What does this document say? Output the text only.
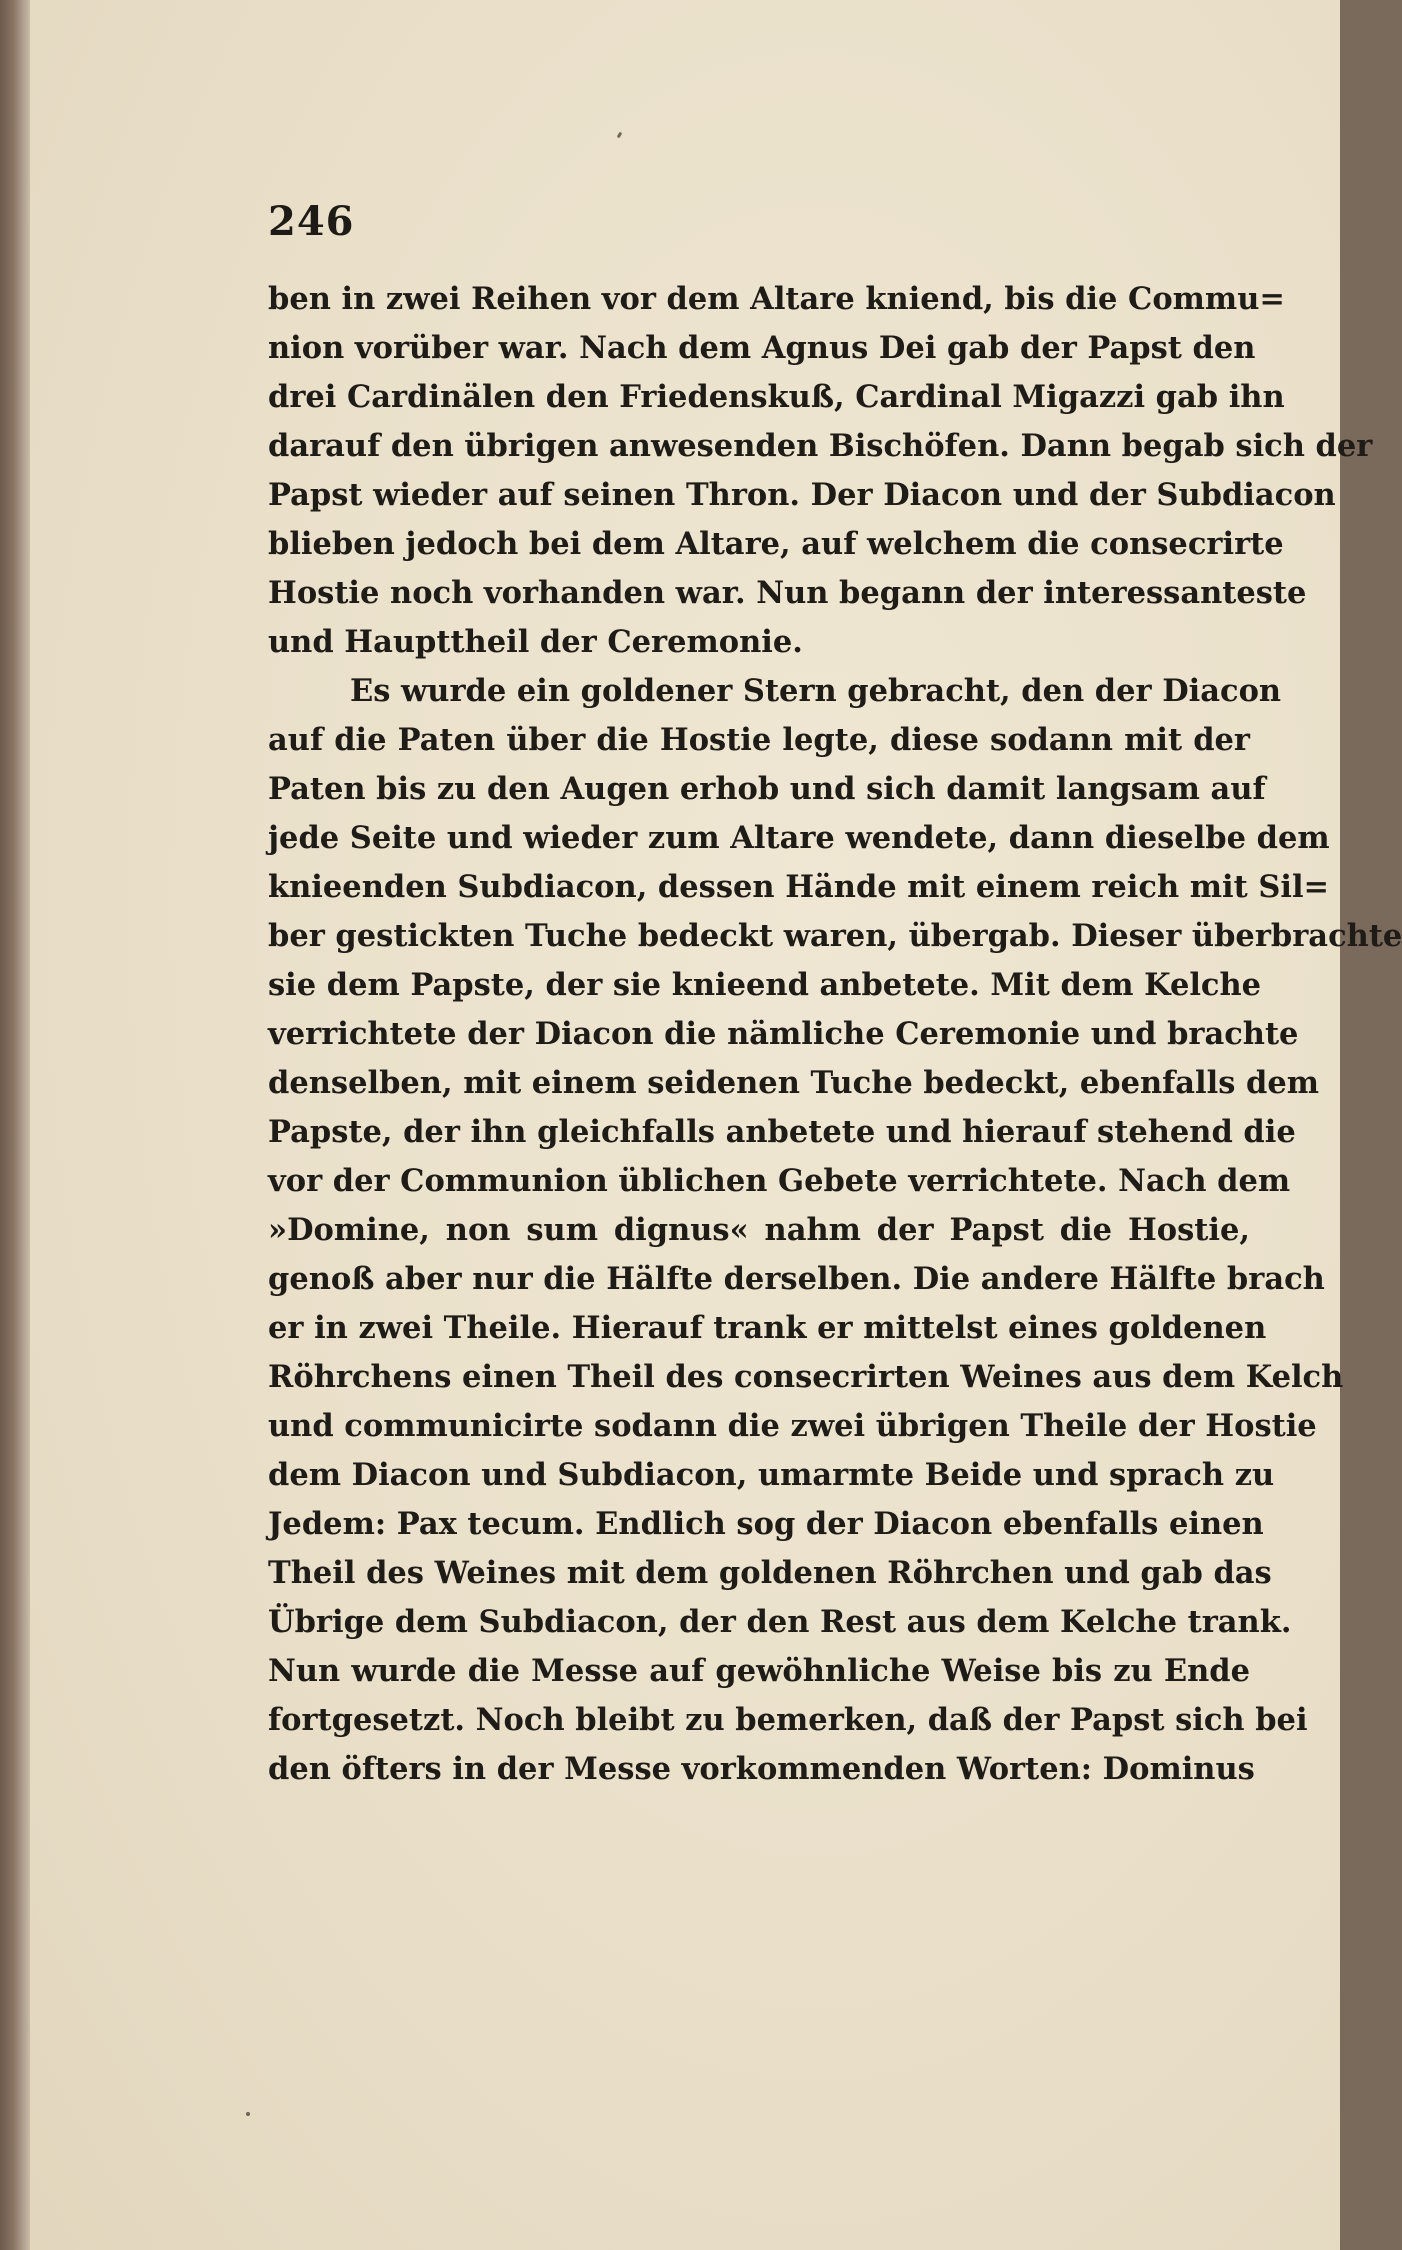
246
ben in zwei Reihen vor dem Altare kniend, bis die Commu=
nion vorüber war. Nach dem Agnus Dei gab der Papst den
drei Cardinälen den Friedenskuß, Cardinal Migazzi gab ihn
darauf den übrigen anwesenden Bischöfen. Dann begab sich der
Papst wieder auf seinen Thron. Der Diacon und der Subdiacon
blieben jedoch bei dem Altare, auf welchem die consecrirte
Hostie noch vorhanden war. Nun begann der interessanteste
und Haupttheil der Ceremonie.
Es wurde ein goldener Stern gebracht, den der Diacon
auf die Paten über die Hostie legte, diese sodann mit der
Paten bis zu den Augen erhob und sich damit langsam auf
jede Seite und wieder zum Altare wendete, dann dieselbe dem
knieenden Subdiacon, dessen Hände mit einem reich mit Sil=
ber gestickten Tuche bedeckt waren, übergab. Dieser überbrachte
sie dem Papste, der sie knieend anbetete. Mit dem Kelche
verrichtete der Diacon die nämliche Ceremonie und brachte
denselben, mit einem seidenen Tuche bedeckt, ebenfalls dem
Papste, der ihn gleichfalls anbetete und hierauf stehend die
vor der Communion üblichen Gebete verrichtete. Nach dem
»Domine, non sum dignus« nahm der Papst die Hostie,
genoß aber nur die Hälfte derselben. Die andere Hälfte brach
er in zwei Theile. Hierauf trank er mittelst eines goldenen
Röhrchens einen Theil des consecrirten Weines aus dem Kelch
und communicirte sodann die zwei übrigen Theile der Hostie
dem Diacon und Subdiacon, umarmte Beide und sprach zu
Jedem: Pax tecum. Endlich sog der Diacon ebenfalls einen
Theil des Weines mit dem goldenen Röhrchen und gab das
Übrige dem Subdiacon, der den Rest aus dem Kelche trank.
Nun wurde die Messe auf gewöhnliche Weise bis zu Ende
fortgesetzt. Noch bleibt zu bemerken, daß der Papst sich bei
den öfters in der Messe vorkommenden Worten: Dominus
